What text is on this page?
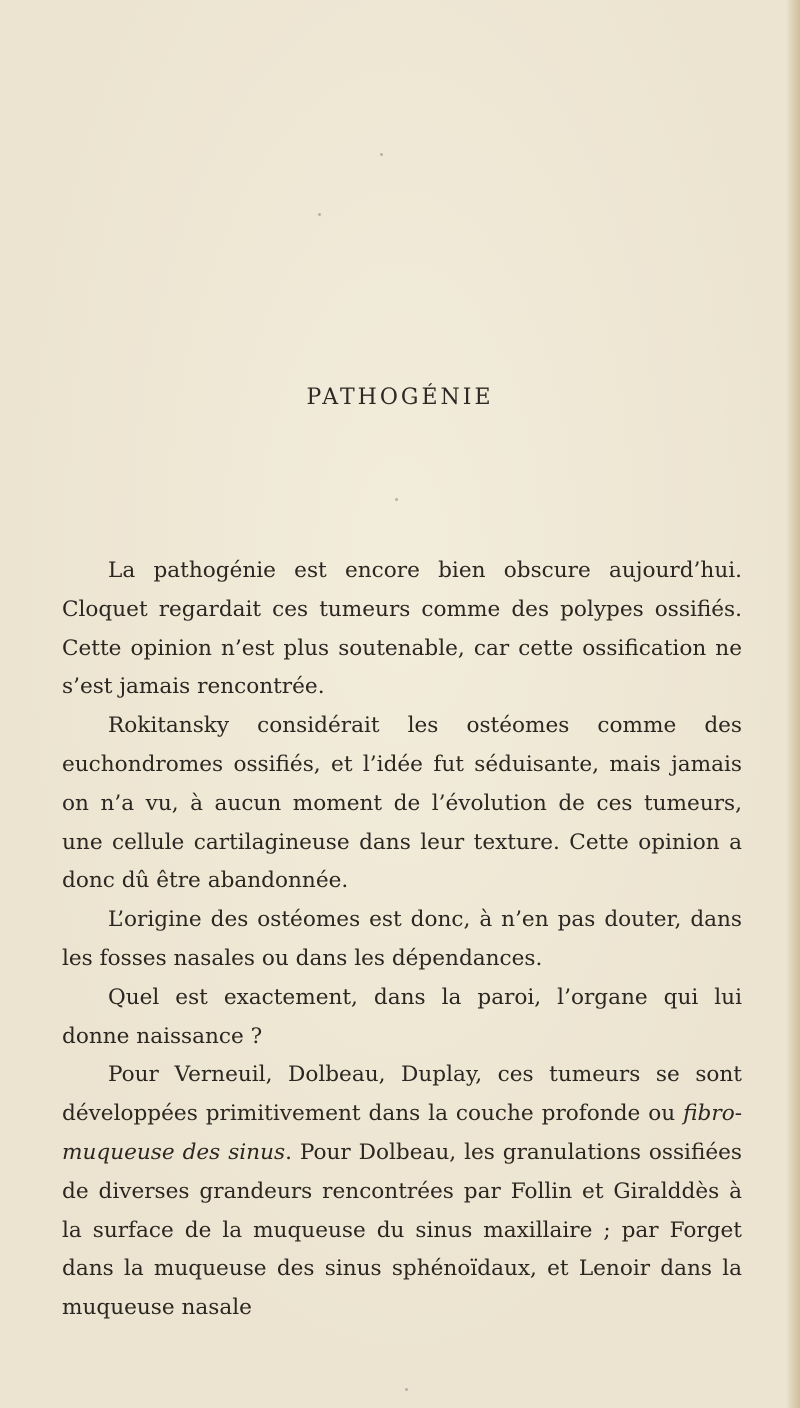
PATHOGÉNIE

La pathogénie est encore bien obscure aujourd’hui. Cloquet regardait ces tumeurs comme des polypes ossifiés. Cette opinion n’est plus soutenable, car cette ossification ne s’est jamais rencontrée.

Rokitansky considérait les ostéomes comme des euchondromes ossifiés, et l’idée fut séduisante, mais jamais on n’a vu, à aucun moment de l’évolution de ces tumeurs, une cellule cartilagineuse dans leur texture. Cette opinion a donc dû être abandonnée.

L’origine des ostéomes est donc, à n’en pas douter, dans les fosses nasales ou dans les dépendances.

Quel est exactement, dans la paroi, l’organe qui lui donne naissance ?

Pour Verneuil, Dolbeau, Duplay, ces tumeurs se sont développées primitivement dans la couche profonde ou fibro-muqueuse des sinus. Pour Dolbeau, les granulations ossifiées de diverses grandeurs rencontrées par Follin et Giralddès à la surface de la muqueuse du sinus maxillaire ; par Forget dans la muqueuse des sinus sphénoïdaux, et Lenoir dans la muqueuse nasale
